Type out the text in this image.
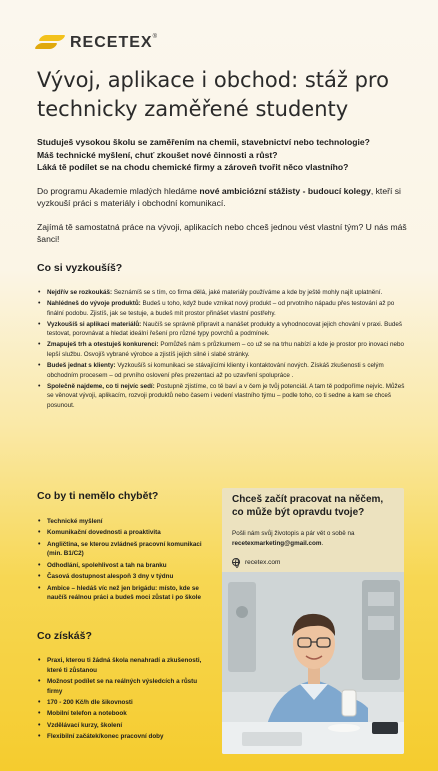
RECETEX®
Vývoj, aplikace i obchod: stáž pro technicky zaměřené studenty

Studuješ vysokou školu se zaměřením na chemii, stavebnictví nebo technologie?
Máš technické myšlení, chuť zkoušet nové činnosti a růst?
Láká tě podílet se na chodu chemické firmy a zároveň tvořit něco vlastního?

Do programu Akademie mladých hledáme nové ambiciózní stážisty - budoucí kolegy, kteří si vyzkouší práci s materiály i obchodní komunikací.

Zajímá tě samostatná práce na vývoji, aplikacích nebo chceš jednou vést vlastní tým? U nás máš šanci!

Co si vyzkoušíš?
• Nejdřív se rozkoukáš: Seznámíš se s tím, co firma dělá, jaké materiály používáme a kde by ještě mohly najít uplatnění.
• Nahlédneš do vývoje produktů: Budeš u toho, když bude vznikat nový produkt – od prvotního nápadu přes testování až po finální podobu. Zjistíš, jak se testuje, a budeš mít prostor přinášet vlastní postřehy.
• Vyzkoušíš si aplikaci materiálů: Naučíš se správně připravit a nanášet produkty a vyhodnocovat jejich chování v praxi. Budeš testovat, porovnávat a hledat ideální řešení pro různé typy povrchů a podmínek.
• Zmapuješ trh a otestuješ konkurenci: Pomůžeš nám s průzkumem – co už se na trhu nabízí a kde je prostor pro inovaci nebo lepší službu. Osvojíš vybrané výrobce a zjistíš jejich silné i slabé stránky.
• Budeš jednat s klienty: Vyzkoušíš si komunikaci se stávajícími klienty i kontaktování nových. Získáš zkušenosti s celým obchodním procesem – od prvního oslovení přes prezentaci až po uzavření spolupráce .
• Společně najdeme, co ti nejvíc sedí: Postupně zjistíme, co tě baví a v čem je tvůj potenciál. A tam tě podpoříme nejvíc. Můžeš se věnovat vývoji, aplikacím, rozvoji produktů nebo časem i vedení vlastního týmu – podle toho, co ti sedne a kam se chceš posunout.
Co by ti nemělo chybět?
• Technické myšlení
• Komunikační dovednosti a proaktivita
• Angličtina, se kterou zvládneš pracovní komunikaci (min. B1/C2)
• Odhodlání, spolehlivost a tah na branku
• Časová dostupnost alespoň 3 dny v týdnu
• Ambice – hledáš víc než jen brigádu: místo, kde se naučíš reálnou práci a budeš moci zůstat i po škole
Co získáš?
• Praxi, kterou ti žádná škola nenahradí a zkušenosti, které ti zůstanou
• Možnost podílet se na reálných výsledcích a růstu firmy
• 170 - 200 Kč/h dle šikovnosti
• Mobilní telefon a notebook
• Vzdělávací kurzy, školení
• Flexibilní začátek/konec pracovní doby
Chceš začít pracovat na něčem, co může být opravdu tvoje?
Pošli nám svůj životopis a pár vět o sobě na recetexmarketing@gmail.com.
recetex.com
